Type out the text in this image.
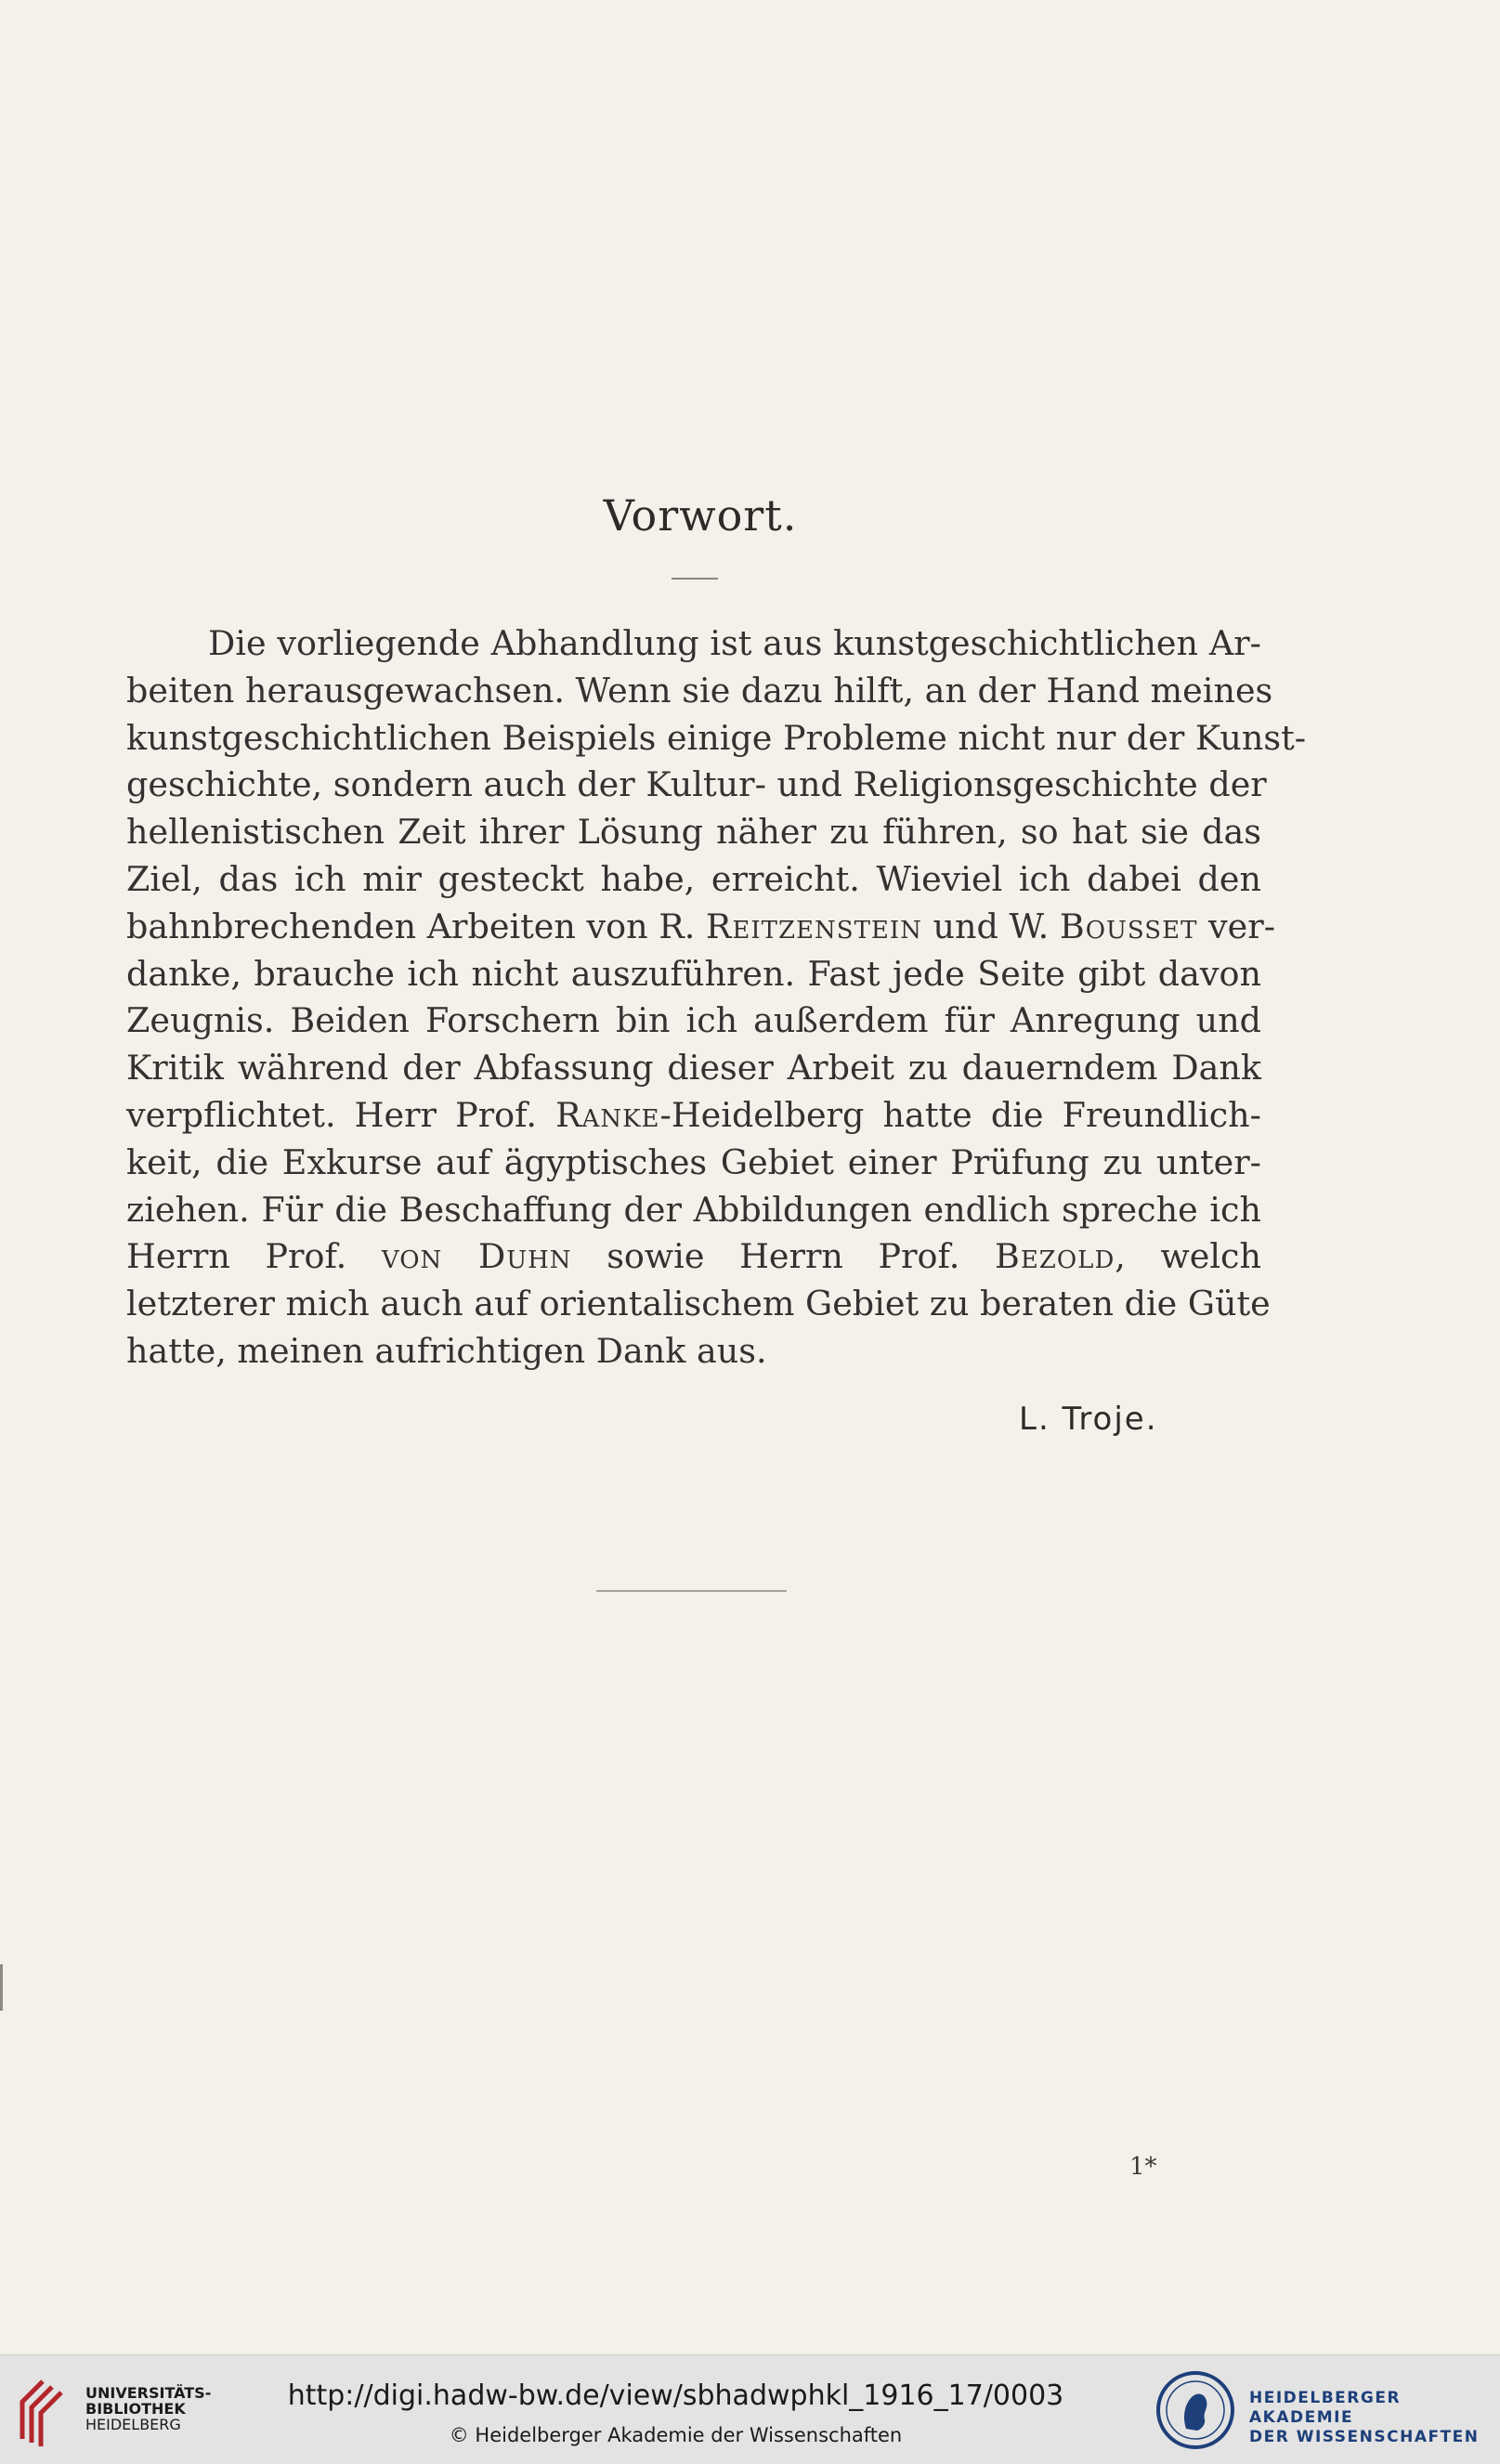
Vorwort.
Die vorliegende Abhandlung ist aus kunstgeschichtlichen Ar-
beiten herausgewachsen. Wenn sie dazu hilft, an der Hand meines
kunstgeschichtlichen Beispiels einige Probleme nicht nur der Kunst-
geschichte, sondern auch der Kultur- und Religionsgeschichte der
hellenistischen Zeit ihrer Lösung näher zu führen, so hat sie das
Ziel, das ich mir gesteckt habe, erreicht. Wieviel ich dabei den
bahnbrechenden Arbeiten von R. Reitzenstein und W. Bousset ver-
danke, brauche ich nicht auszuführen. Fast jede Seite gibt davon
Zeugnis. Beiden Forschern bin ich außerdem für Anregung und
Kritik während der Abfassung dieser Arbeit zu dauerndem Dank
verpflichtet. Herr Prof. Ranke-Heidelberg hatte die Freundlich-
keit, die Exkurse auf ägyptisches Gebiet einer Prüfung zu unter-
ziehen. Für die Beschaffung der Abbildungen endlich spreche ich
Herrn Prof. von Duhn sowie Herrn Prof. Bezold, welch
letzterer mich auch auf orientalischem Gebiet zu beraten die Güte
hatte, meinen aufrichtigen Dank aus.
L. Troje.
1*
UNIVERSITÄTS-
BIBLIOTHEK
HEIDELBERG
http://digi.hadw-bw.de/view/sbhadwphkl_1916_17/0003
© Heidelberger Akademie der Wissenschaften
HEIDELBERGER AKADEMIE
DER WISSENSCHAFTEN
